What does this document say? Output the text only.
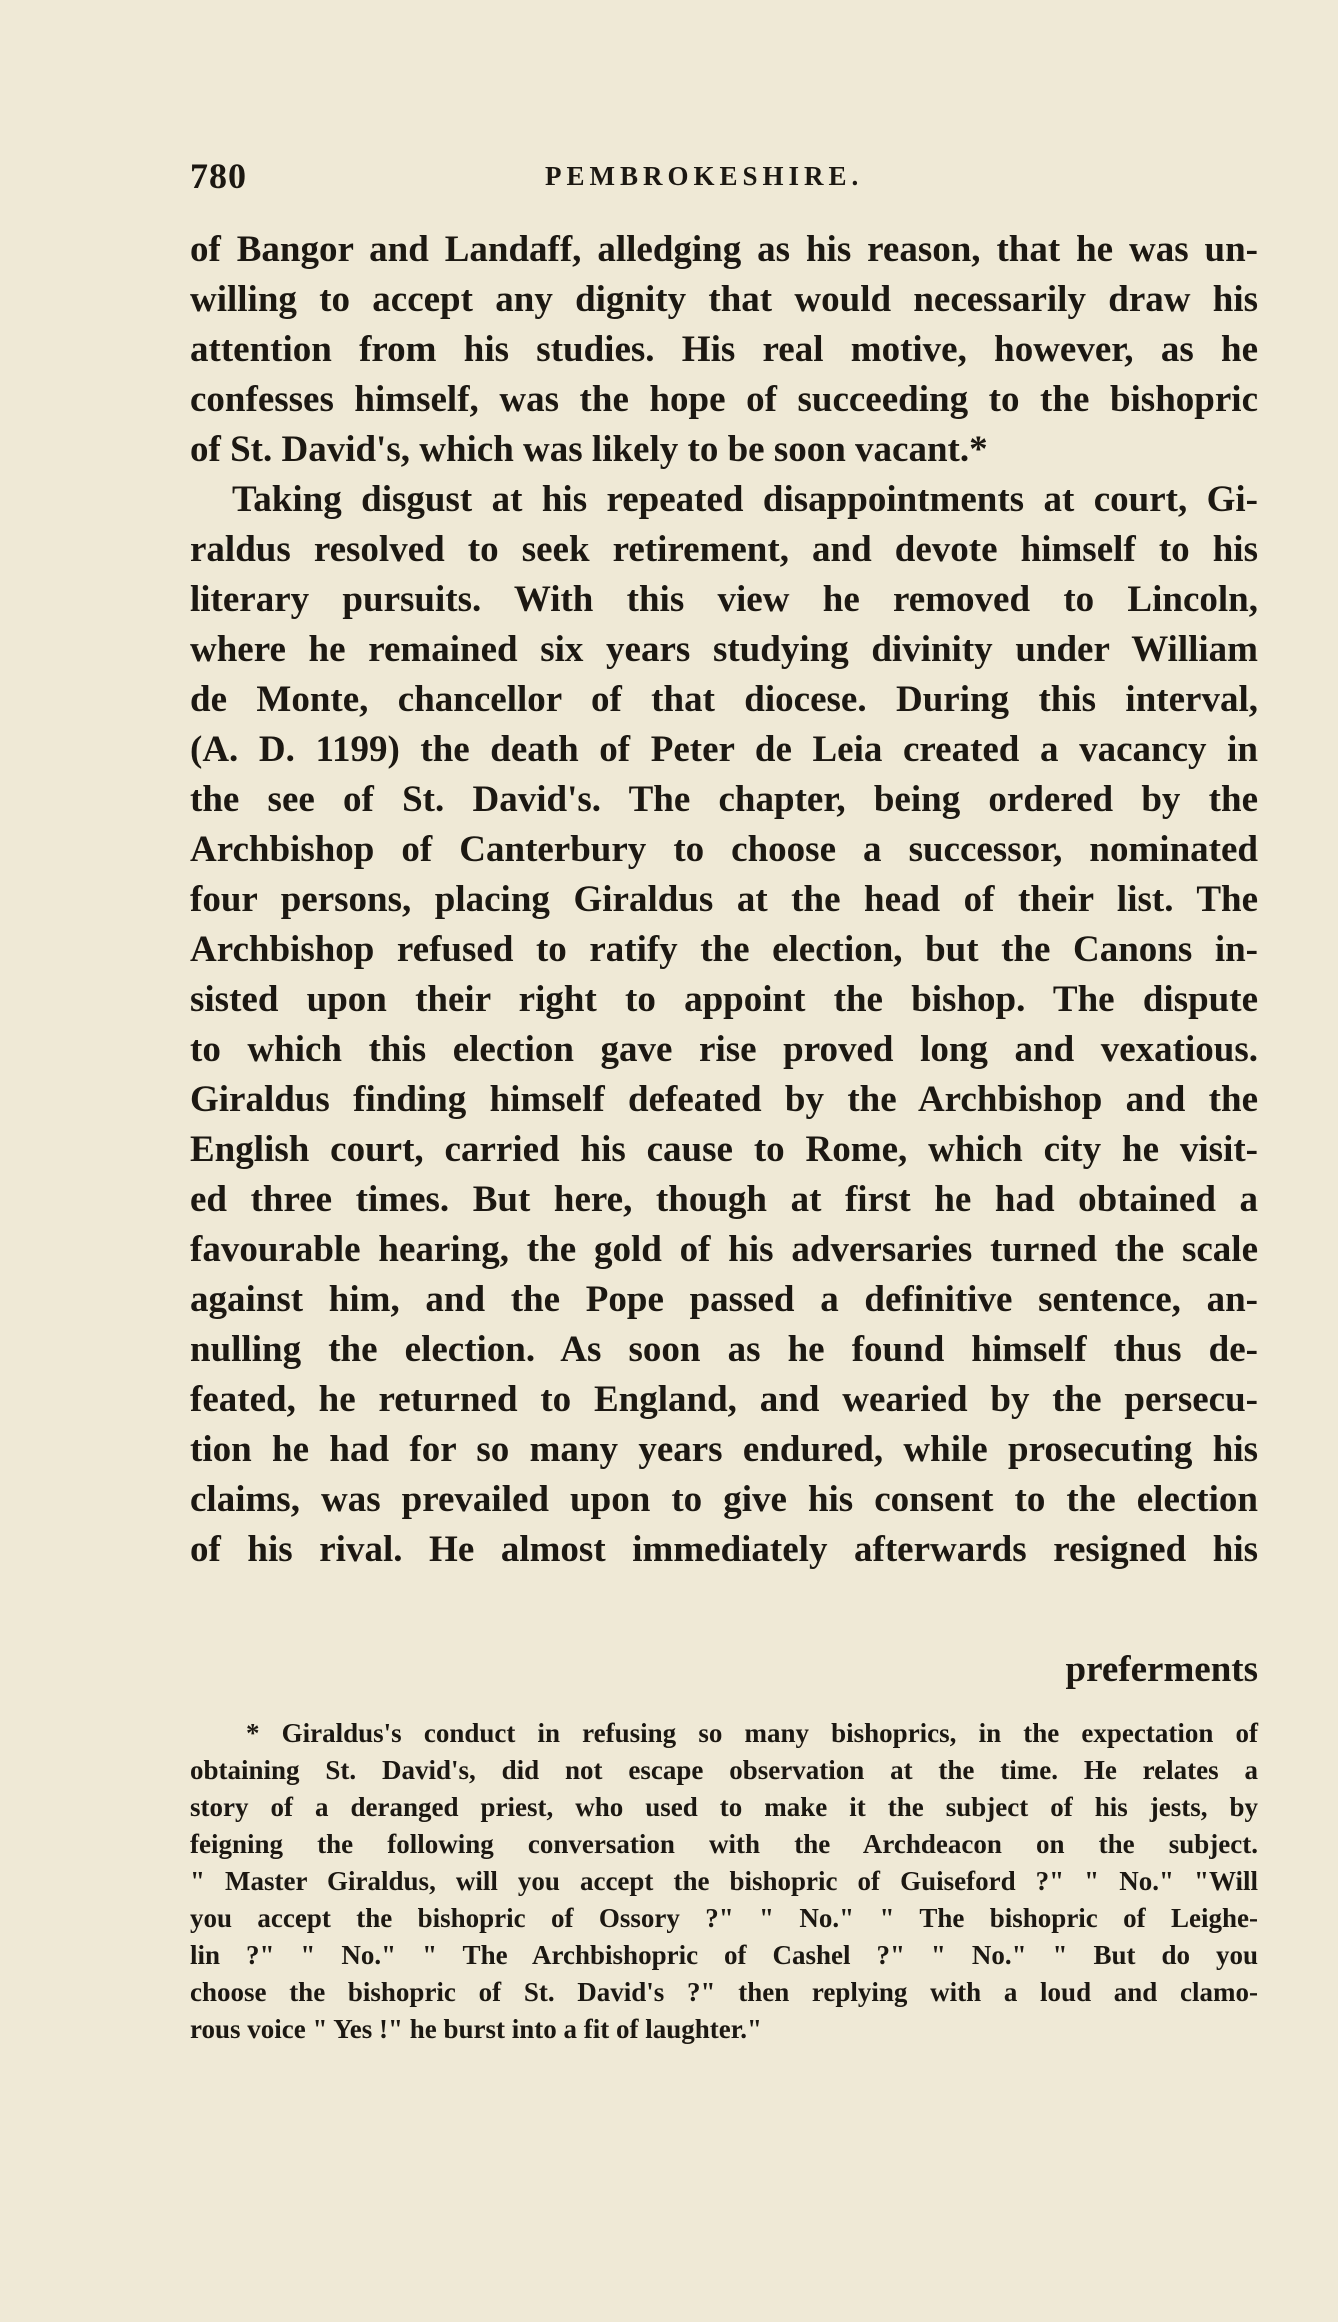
780	PEMBROKESHIRE.
of Bangor and Landaff, alledging as his reason, that he was un-
willing to accept any dignity that would necessarily draw his
attention from his studies. His real motive, however, as he
confesses himself, was the hope of succeeding to the bishopric
of St. David's, which was likely to be soon vacant.*
Taking disgust at his repeated disappointments at court, Gi-
raldus resolved to seek retirement, and devote himself to his
literary pursuits. With this view he removed to Lincoln,
where he remained six years studying divinity under William
de Monte, chancellor of that diocese. During this interval,
(A. D. 1199) the death of Peter de Leia created a vacancy in
the see of St. David's. The chapter, being ordered by the
Archbishop of Canterbury to choose a successor, nominated
four persons, placing Giraldus at the head of their list. The
Archbishop refused to ratify the election, but the Canons in-
sisted upon their right to appoint the bishop. The dispute
to which this election gave rise proved long and vexatious.
Giraldus finding himself defeated by the Archbishop and the
English court, carried his cause to Rome, which city he visit-
ed three times. But here, though at first he had obtained a
favourable hearing, the gold of his adversaries turned the scale
against him, and the Pope passed a definitive sentence, an-
nulling the election. As soon as he found himself thus de-
feated, he returned to England, and wearied by the persecu-
tion he had for so many years endured, while prosecuting his
claims, was prevailed upon to give his consent to the election
of his rival. He almost immediately afterwards resigned his
preferments
* Giraldus's conduct in refusing so many bishoprics, in the expectation of
obtaining St. David's, did not escape observation at the time. He relates a
story of a deranged priest, who used to make it the subject of his jests, by
feigning the following conversation with the Archdeacon on the subject.
" Master Giraldus, will you accept the bishopric of Guiseford ?" " No." "Will
you accept the bishopric of Ossory ?" " No." " The bishopric of Leighe-
lin ?" " No." " The Archbishopric of Cashel ?" " No." " But do you
choose the bishopric of St. David's ?" then replying with a loud and clamo-
rous voice " Yes !" he burst into a fit of laughter."
